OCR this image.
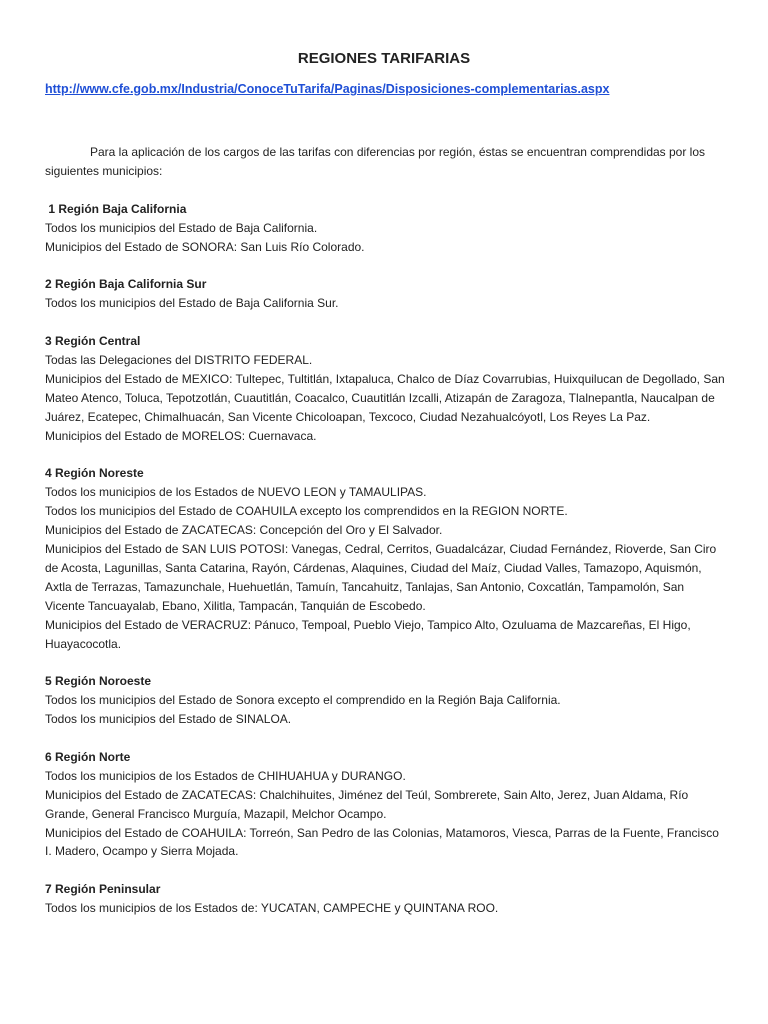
REGIONES TARIFARIAS
http://www.cfe.gob.mx/Industria/ConoceTuTarifa/Paginas/Disposiciones-complementarias.aspx

Para la aplicación de los cargos de las tarifas con diferencias por región, éstas se encuentran comprendidas por los siguientes municipios:

1 Región Baja California
Todos los municipios del Estado de Baja California.
Municipios del Estado de SONORA: San Luis Río Colorado.
2 Región Baja California Sur
Todos los municipios del Estado de Baja California Sur.
3 Región Central
Todas las Delegaciones del DISTRITO FEDERAL.
Municipios del Estado de MEXICO: Tultepec, Tultitlán, Ixtapaluca, Chalco de Díaz Covarrubias, Huixquilucan de Degollado, San Mateo Atenco, Toluca, Tepotzotlán, Cuautitlán, Coacalco, Cuautitlán Izcalli, Atizapán de Zaragoza, Tlalnepantla, Naucalpan de Juárez, Ecatepec, Chimalhuacán, San Vicente Chicoloapan, Texcoco, Ciudad Nezahualcóyotl, Los Reyes La Paz.
Municipios del Estado de MORELOS: Cuernavaca.
4 Región Noreste
Todos los municipios de los Estados de NUEVO LEON y TAMAULIPAS.
Todos los municipios del Estado de COAHUILA excepto los comprendidos en la REGION NORTE.
Municipios del Estado de ZACATECAS: Concepción del Oro y El Salvador.
Municipios del Estado de SAN LUIS POTOSI: Vanegas, Cedral, Cerritos, Guadalcázar, Ciudad Fernández, Rioverde, San Ciro de Acosta, Lagunillas, Santa Catarina, Rayón, Cárdenas, Alaquines, Ciudad del Maíz, Ciudad Valles, Tamazopo, Aquismón, Axtla de Terrazas, Tamazunchale, Huehuetlán, Tamuín, Tancahuitz, Tanlajas, San Antonio, Coxcatlán, Tampamolón, San Vicente Tancuayalab, Ebano, Xilitla, Tampacán, Tanquián de Escobedo.
Municipios del Estado de VERACRUZ: Pánuco, Tempoal, Pueblo Viejo, Tampico Alto, Ozuluama de Mazcareñas, El Higo, Huayacocotla.
5 Región Noroeste
Todos los municipios del Estado de Sonora excepto el comprendido en la Región Baja California.
Todos los municipios del Estado de SINALOA.
6 Región Norte
Todos los municipios de los Estados de CHIHUAHUA y DURANGO.
Municipios del Estado de ZACATECAS: Chalchihuites, Jiménez del Teúl, Sombrerete, Sain Alto, Jerez, Juan Aldama, Río Grande, General Francisco Murguía, Mazapil, Melchor Ocampo.
Municipios del Estado de COAHUILA: Torreón, San Pedro de las Colonias, Matamoros, Viesca, Parras de la Fuente, Francisco I. Madero, Ocampo y Sierra Mojada.
7 Región Peninsular
Todos los municipios de los Estados de: YUCATAN, CAMPECHE y QUINTANA ROO.
